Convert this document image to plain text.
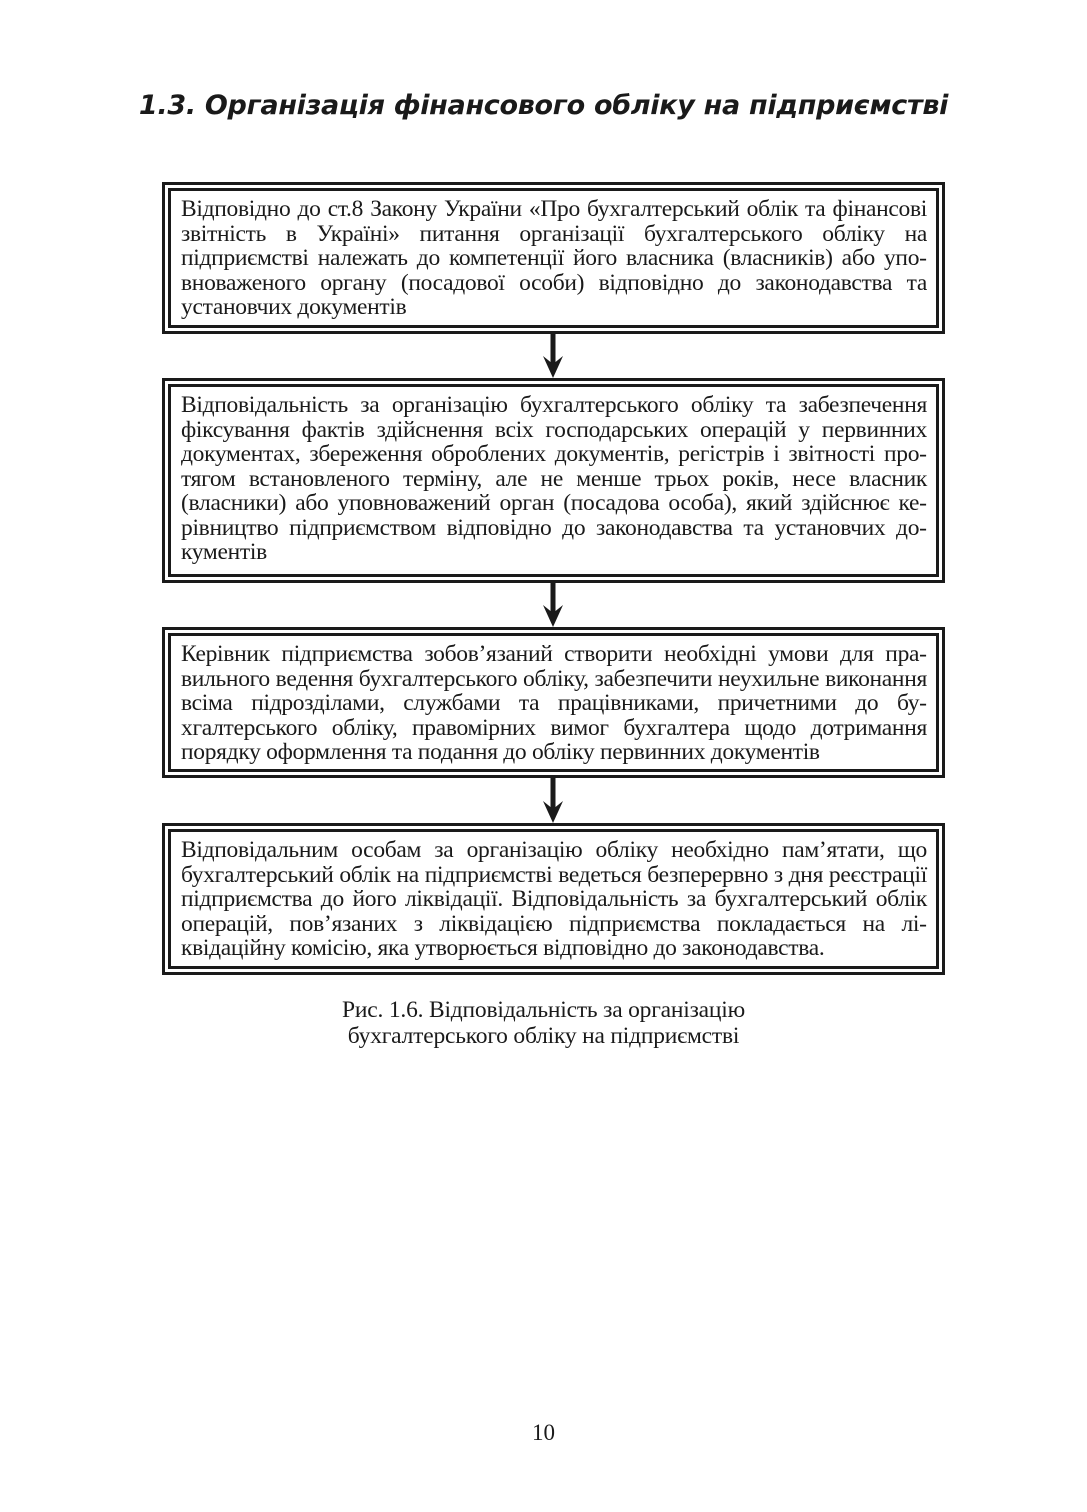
1.3. Організація фінансового обліку на підприємстві

Відповідно до ст.8 Закону України «Про бухгалтерський облік та фінансові звітність в Україні» питання організації бухгалтерського обліку на підприємстві належать до компетенції його власника (власників) або уповноваженого органу (посадової особи) відповідно до законодавства та установчих документів

Відповідальність за організацію бухгалтерського обліку та забезпечення фіксування фактів здійснення всіх господарських операцій у первинних документах, збереження оброблених документів, регістрів і звітності протягом встановленого терміну, але не менше трьох років, несе власник (власники) або уповноважений орган (посадова особа), який здійснює керівництво підприємством відповідно до законодавства та установчих документів

Керівник підприємства зобов’язаний створити необхідні умови для правильного ведення бухгалтерського обліку, забезпечити неухильне виконання всіма підрозділами, службами та працівниками, причетними до бухгалтерського обліку, правомірних вимог бухгалтера щодо дотримання порядку оформлення та подання до обліку первинних документів

Відповідальним особам за організацію обліку необхідно пам’ятати, що бухгалтерський облік на підприємстві ведеться безперервно з дня реєстрації підприємства до його ліквідації. Відповідальність за бухгалтерський облік операцій, пов’язаних з ліквідацією підприємства покладається на ліквідаційну комісію, яка утворюється відповідно до законодавства.

Рис. 1.6. Відповідальність за організацію
бухгалтерського обліку на підприємстві
10
